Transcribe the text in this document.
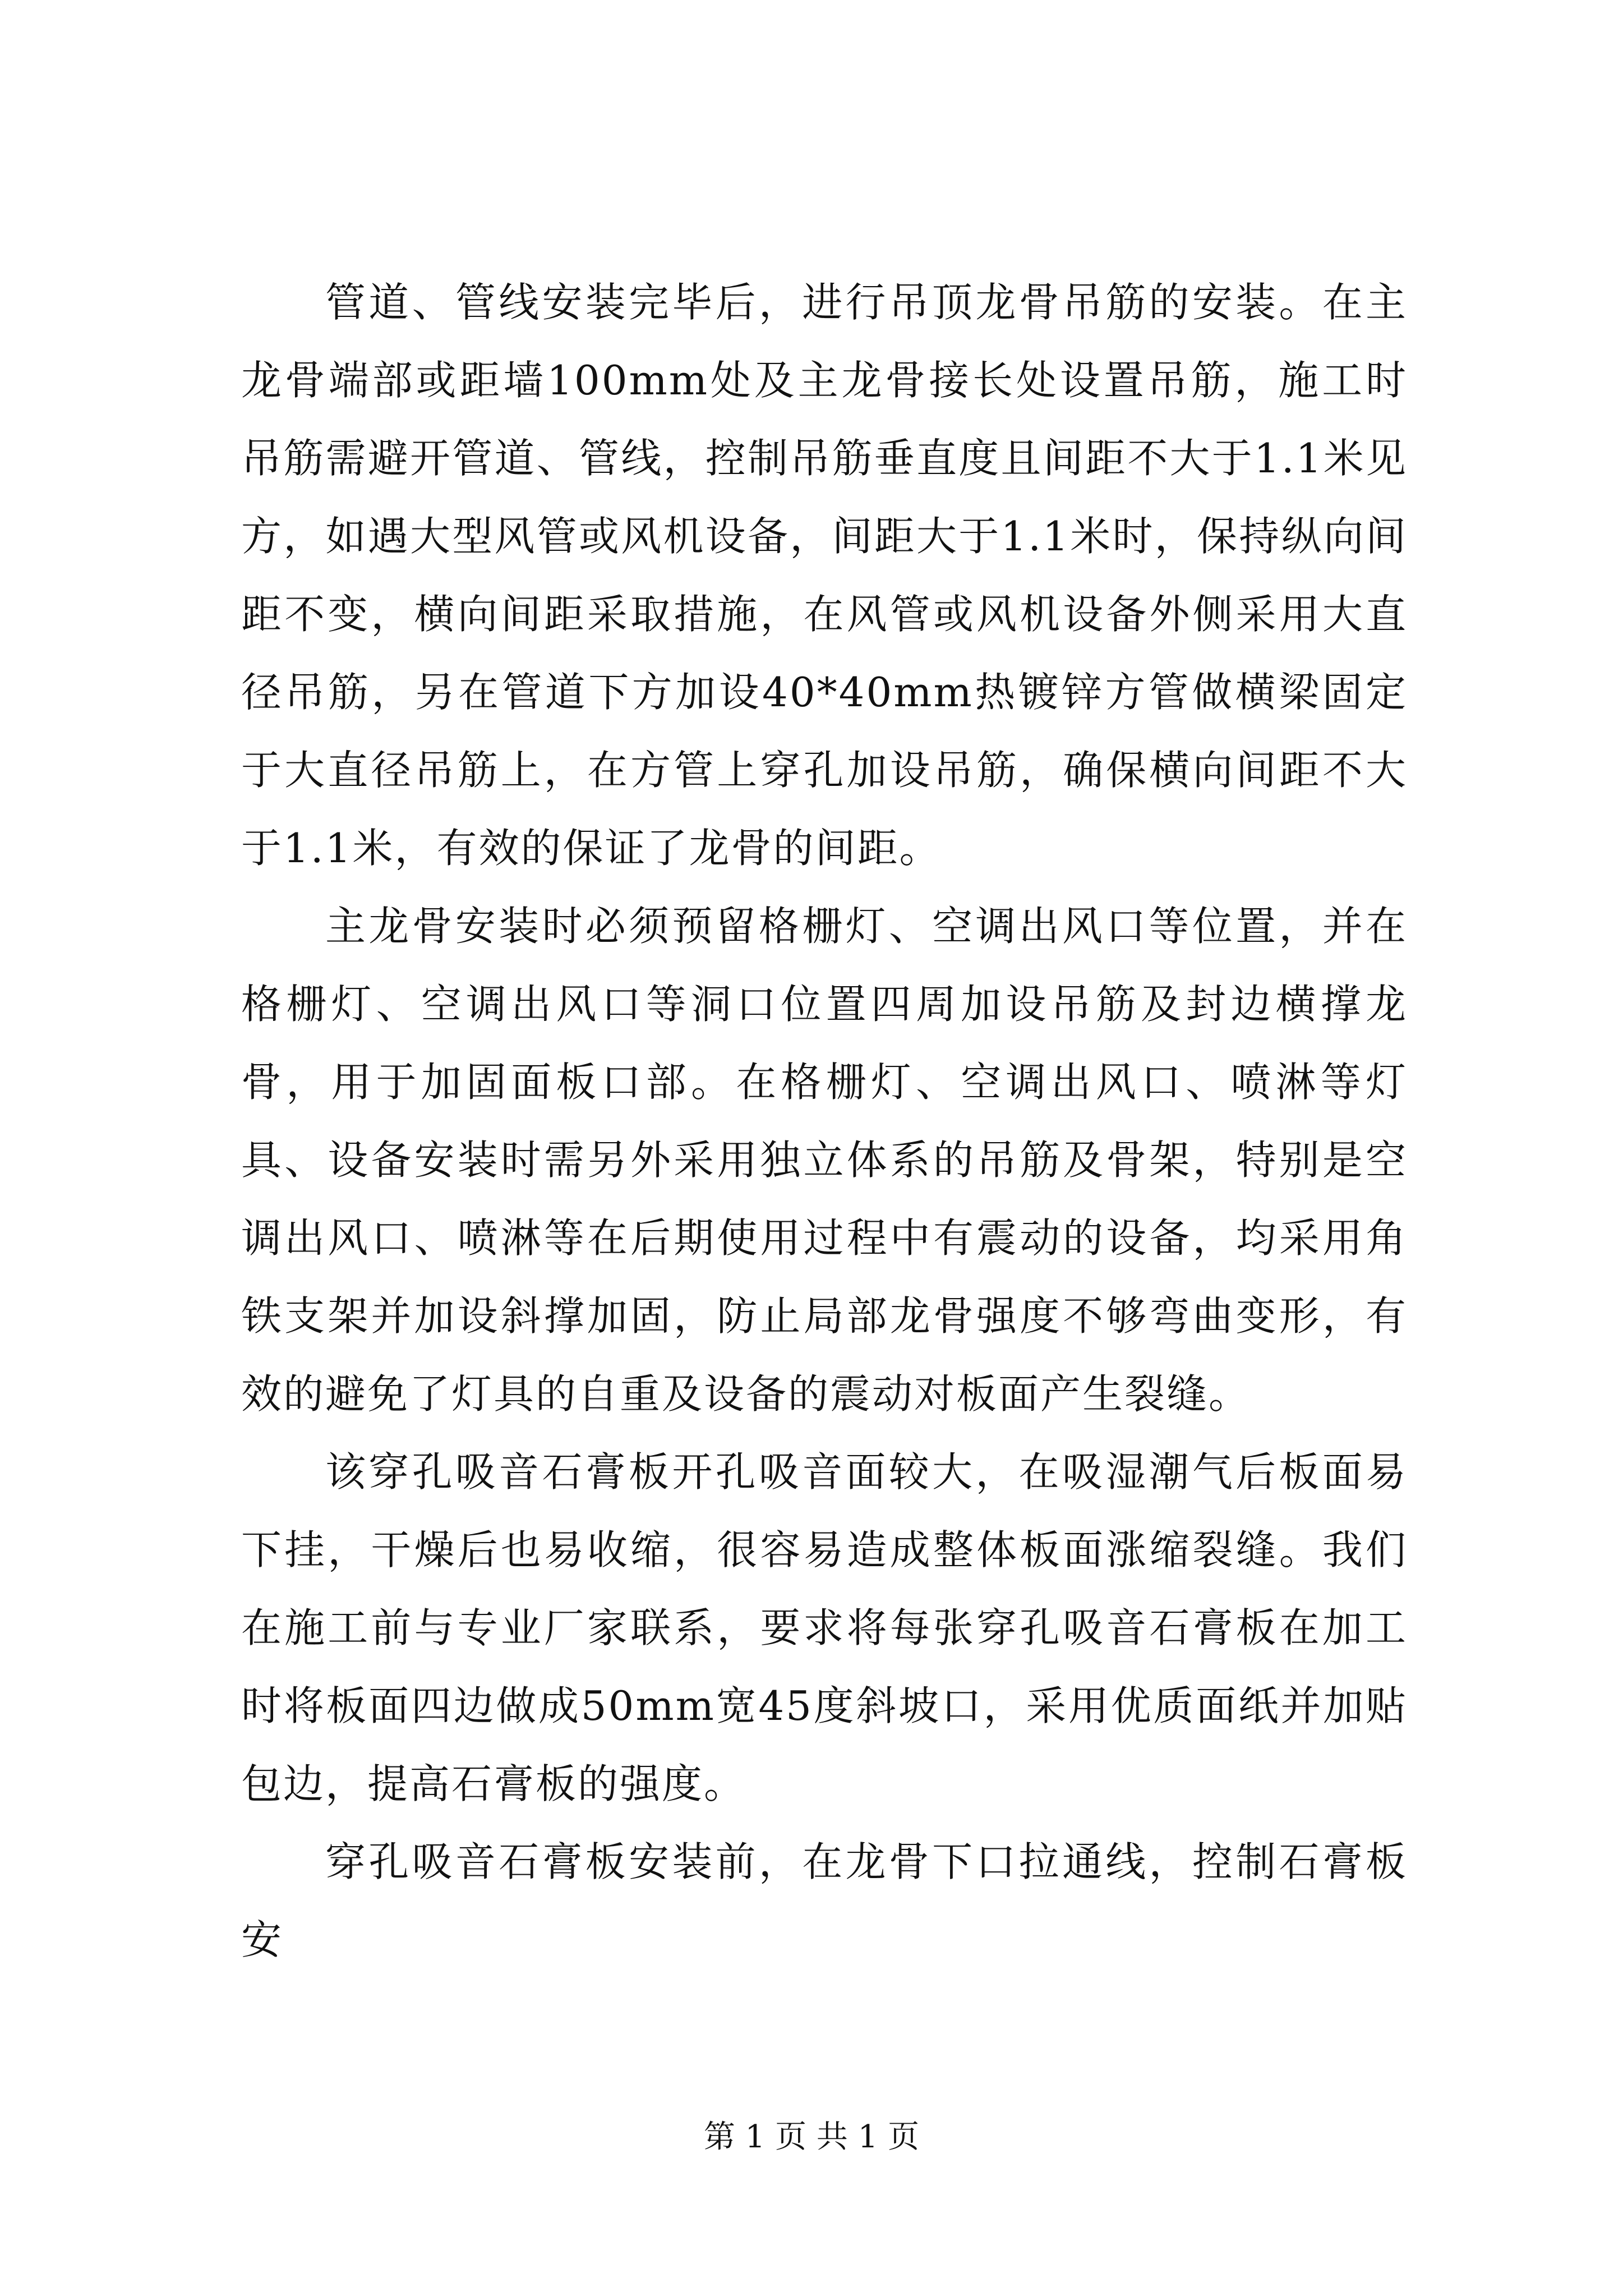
管道、管线安装完毕后，进行吊顶龙骨吊筋的安装。在主龙骨端部或距墙100mm处及主龙骨接长处设置吊筋，施工时吊筋需避开管道、管线，控制吊筋垂直度且间距不大于1.1米见方，如遇大型风管或风机设备，间距大于1.1米时，保持纵向间距不变，横向间距采取措施，在风管或风机设备外侧采用大直径吊筋，另在管道下方加设40*40mm热镀锌方管做横梁固定于大直径吊筋上，在方管上穿孔加设吊筋，确保横向间距不大于1.1米，有效的保证了龙骨的间距。

主龙骨安装时必须预留格栅灯、空调出风口等位置，并在格栅灯、空调出风口等洞口位置四周加设吊筋及封边横撑龙骨，用于加固面板口部。在格栅灯、空调出风口、喷淋等灯具、设备安装时需另外采用独立体系的吊筋及骨架，特别是空调出风口、喷淋等在后期使用过程中有震动的设备，均采用角铁支架并加设斜撑加固，防止局部龙骨强度不够弯曲变形，有效的避免了灯具的自重及设备的震动对板面产生裂缝。

该穿孔吸音石膏板开孔吸音面较大，在吸湿潮气后板面易下挂，干燥后也易收缩，很容易造成整体板面涨缩裂缝。我们在施工前与专业厂家联系，要求将每张穿孔吸音石膏板在加工时将板面四边做成50mm宽45度斜坡口，采用优质面纸并加贴包边，提高石膏板的强度。

穿孔吸音石膏板安装前，在龙骨下口拉通线，控制石膏板安

第 1 页 共 1 页
